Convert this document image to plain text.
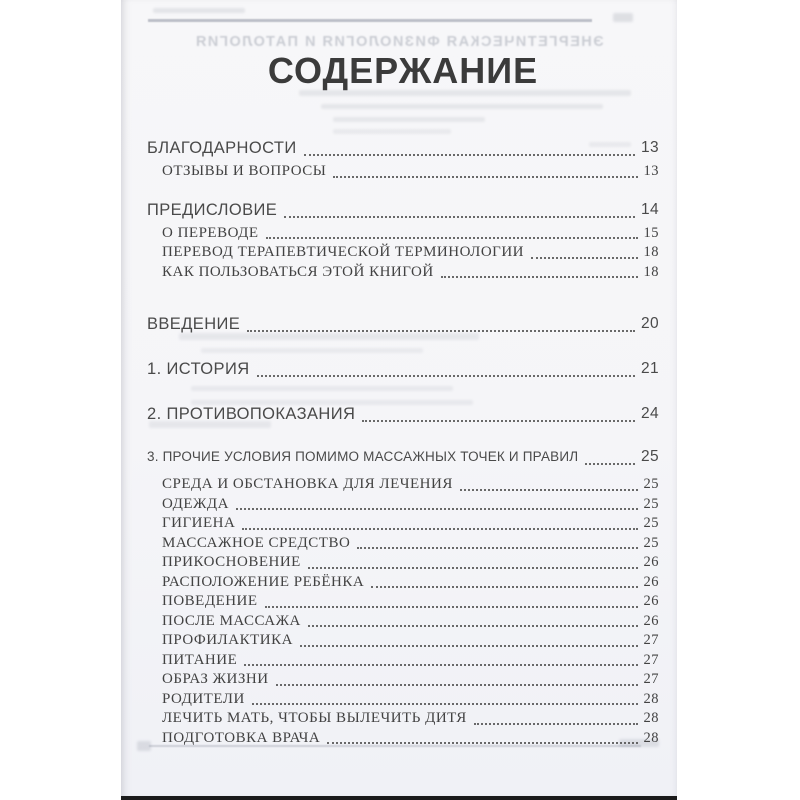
ЭНЕРГЕТИЧЕСКАЯ ФИЗИОЛОГИЯ И ПАТОЛОГИЯ
СОДЕРЖАНИЕ
БЛАГОДАРНОСТИ	13
ОТЗЫВЫ И ВОПРОСЫ	13
ПРЕДИСЛОВИЕ	14
О ПЕРЕВОДЕ	15
ПЕРЕВОД ТЕРАПЕВТИЧЕСКОЙ ТЕРМИНОЛОГИИ	18
КАК ПОЛЬЗОВАТЬСЯ ЭТОЙ КНИГОЙ	18
ВВЕДЕНИЕ	20
1. ИСТОРИЯ	21
2. ПРОТИВОПОКАЗАНИЯ	24
3. ПРОЧИЕ УСЛОВИЯ ПОМИМО МАССАЖНЫХ ТОЧЕК И ПРАВИЛ	25
СРЕДА И ОБСТАНОВКА ДЛЯ ЛЕЧЕНИЯ	25
ОДЕЖДА	25
ГИГИЕНА	25
МАССАЖНОЕ СРЕДСТВО	25
ПРИКОСНОВЕНИЕ	26
РАСПОЛОЖЕНИЕ РЕБЁНКА	26
ПОВЕДЕНИЕ	26
ПОСЛЕ МАССАЖА	26
ПРОФИЛАКТИКА	27
ПИТАНИЕ	27
ОБРАЗ ЖИЗНИ	27
РОДИТЕЛИ	28
ЛЕЧИТЬ МАТЬ, ЧТОБЫ ВЫЛЕЧИТЬ ДИТЯ	28
ПОДГОТОВКА ВРАЧА	28
